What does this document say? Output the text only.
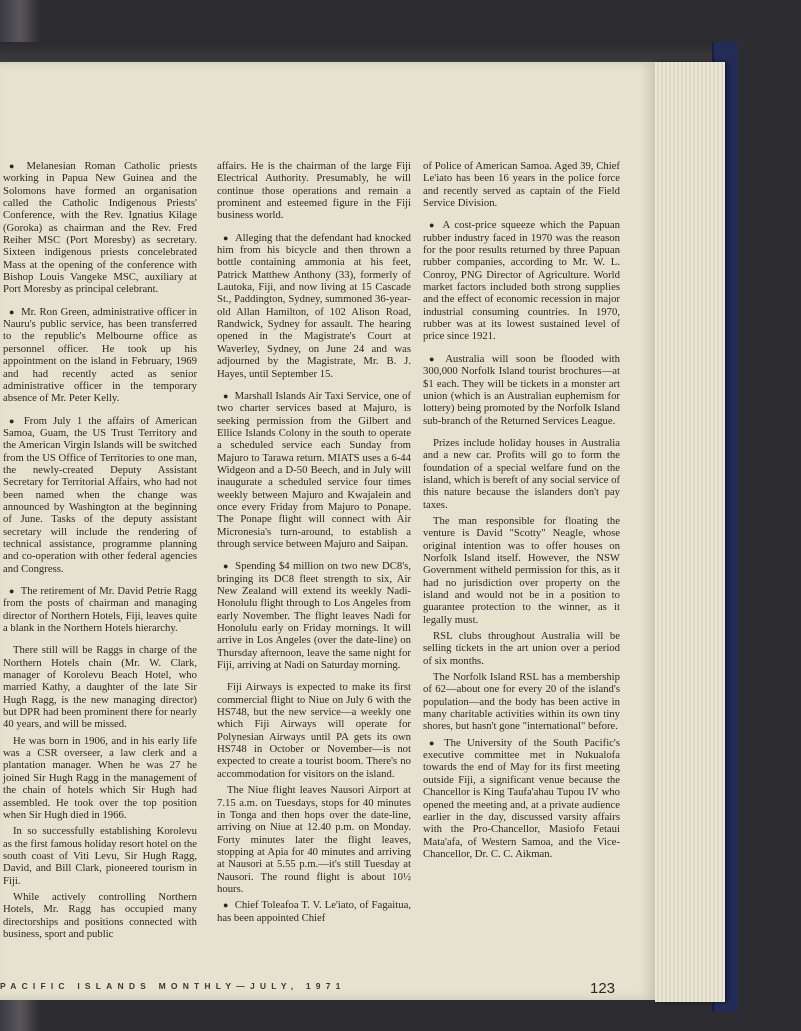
● Melanesian Roman Catholic priests working in Papua New Guinea and the Solomons have formed an organisation called the Catholic Indigenous Priests' Conference, with the Rev. Ignatius Kilage (Goroka) as chairman and the Rev. Fred Reiher MSC (Port Moresby) as secretary. Sixteen indigenous priests concelebrated Mass at the opening of the conference with Bishop Louis Vangeke MSC, auxiliary at Port Moresby as principal celebrant.

● Mr. Ron Green, administrative officer in Nauru's public service, has been transferred to the republic's Melbourne office as personnel officer. He took up his appointment on the island in February, 1969 and had recently acted as senior administrative officer in the temporary absence of Mr. Peter Kelly.

● From July 1 the affairs of American Samoa, Guam, the US Trust Territory and the American Virgin Islands will be switched from the US Office of Territories to one man, the newly-created Deputy Assistant Secretary for Territorial Affairs, who had not been named when the change was announced by Washington at the beginning of June. Tasks of the deputy assistant secretary will include the rendering of technical assistance, programme planning and co-operation with other federal agencies and Congress.

● The retirement of Mr. David Petrie Ragg from the posts of chairman and managing director of Northern Hotels, Fiji, leaves quite a blank in the Northern Hotels hierarchy.

There still will be Raggs in charge of the Northern Hotels chain (Mr. W. Clark, manager of Korolevu Beach Hotel, who married Kathy, a daughter of the late Sir Hugh Ragg, is the new managing director) but DPR had been prominent there for nearly 40 years, and will be missed.

He was born in 1906, and in his early life was a CSR overseer, a law clerk and a plantation manager. When he was 27 he joined Sir Hugh Ragg in the management of the chain of hotels which Sir Hugh had assembled. He took over the top position when Sir Hugh died in 1966.

In so successfully establishing Korolevu as the first famous holiday resort hotel on the south coast of Viti Levu, Sir Hugh Ragg, David, and Bill Clark, pioneered tourism in Fiji.

While actively controlling Northern Hotels, Mr. Ragg has occupied many directorships and positions connected with business, sport and public

affairs. He is the chairman of the large Fiji Electrical Authority. Presumably, he will continue those operations and remain a prominent and esteemed figure in the Fiji business world.

● Alleging that the defendant had knocked him from his bicycle and then thrown a bottle containing ammonia at his feet, Patrick Matthew Anthony (33), formerly of Lautoka, Fiji, and now living at 15 Cascade St., Paddington, Sydney, summoned 36-year-old Allan Hamilton, of 102 Alison Road, Randwick, Sydney for assault. The hearing opened in the Magistrate's Court at Waverley, Sydney, on June 24 and was adjourned by the Magistrate, Mr. B. J. Hayes, until September 15.

● Marshall Islands Air Taxi Service, one of two charter services based at Majuro, is seeking permission from the Gilbert and Ellice Islands Colony in the south to operate a scheduled service each Sunday from Majuro to Tarawa return. MIATS uses a 6-44 Widgeon and a D-50 Beech, and in July will inaugurate a scheduled service four times weekly between Majuro and Kwajalein and once every Friday from Majuro to Ponape. The Ponape flight will connect with Air Micronesia's turn-around, to establish a through service between Majuro and Saipan.

● Spending $4 million on two new DC8's, bringing its DC8 fleet strength to six, Air New Zealand will extend its weekly Nadi-Honolulu flight through to Los Angeles from early November. The flight leaves Nadi for Honolulu early on Friday mornings. It will arrive in Los Angeles (over the date-line) on Thursday afternoon, leave the same night for Fiji, arriving at Nadi on Saturday morning.

Fiji Airways is expected to make its first commercial flight to Niue on July 6 with the HS748, but the new service—a weekly one which Fiji Airways will operate for Polynesian Airways until PA gets its own HS748 in October or November—is not expected to create a tourist boom. There's no accommodation for visitors on the island.

The Niue flight leaves Nausori Airport at 7.15 a.m. on Tuesdays, stops for 40 minutes in Tonga and then hops over the date-line, arriving on Niue at 12.40 p.m. on Monday. Forty minutes later the flight leaves, stopping at Apia for 40 minutes and arriving at Nausori at 5.55 p.m.—it's still Tuesday at Nausori. The round flight is about 10½ hours.

● Chief Toleafoa T. V. Le'iato, of Fagaitua, has been appointed Chief

of Police of American Samoa. Aged 39, Chief Le'iato has been 16 years in the police force and recently served as captain of the Field Service Division.

● A cost-price squeeze which the Papuan rubber industry faced in 1970 was the reason for the poor results returned by three Papuan rubber companies, according to Mr. W. L. Conroy, PNG Director of Agriculture. World market factors included both strong supplies and the effect of economic recession in major industrial consuming countries. In 1970, rubber was at its lowest sustained level of price since 1921.

● Australia will soon be flooded with 300,000 Norfolk Island tourist brochures—at $1 each. They will be tickets in a monster art union (which is an Australian euphemism for lottery) being promoted by the Norfolk Island sub-branch of the Returned Services League.

Prizes include holiday houses in Australia and a new car. Profits will go to form the foundation of a special welfare fund on the island, which is bereft of any social service of this nature because the islanders don't pay taxes.

The man responsible for floating the venture is David "Scotty" Neagle, whose original intention was to offer houses on Norfolk Island itself. However, the NSW Government witheld permission for this, as it had no jurisdiction over property on the island and would not be in a position to guarantee protection to the winner, as it legally must.

RSL clubs throughout Australia will be selling tickets in the art union over a period of six months.

The Norfolk Island RSL has a membership of 62—about one for every 20 of the island's population—and the body has been active in many charitable activities within its own tiny shores, but hasn't gone "international" before.

● The University of the South Pacific's executive committee met in Nukualofa towards the end of May for its first meeting outside Fiji, a significant venue because the Chancellor is King Taufa'ahau Tupou IV who opened the meeting and, at a private audience earlier in the day, discussed varsity affairs with the Pro-Chancellor, Masiofo Fetaui Mata'afa, of Western Samoa, and the Vice-Chancellor, Dr. C. C. Aikman.

PACIFIC ISLANDS MONTHLY—JULY, 1971	123
